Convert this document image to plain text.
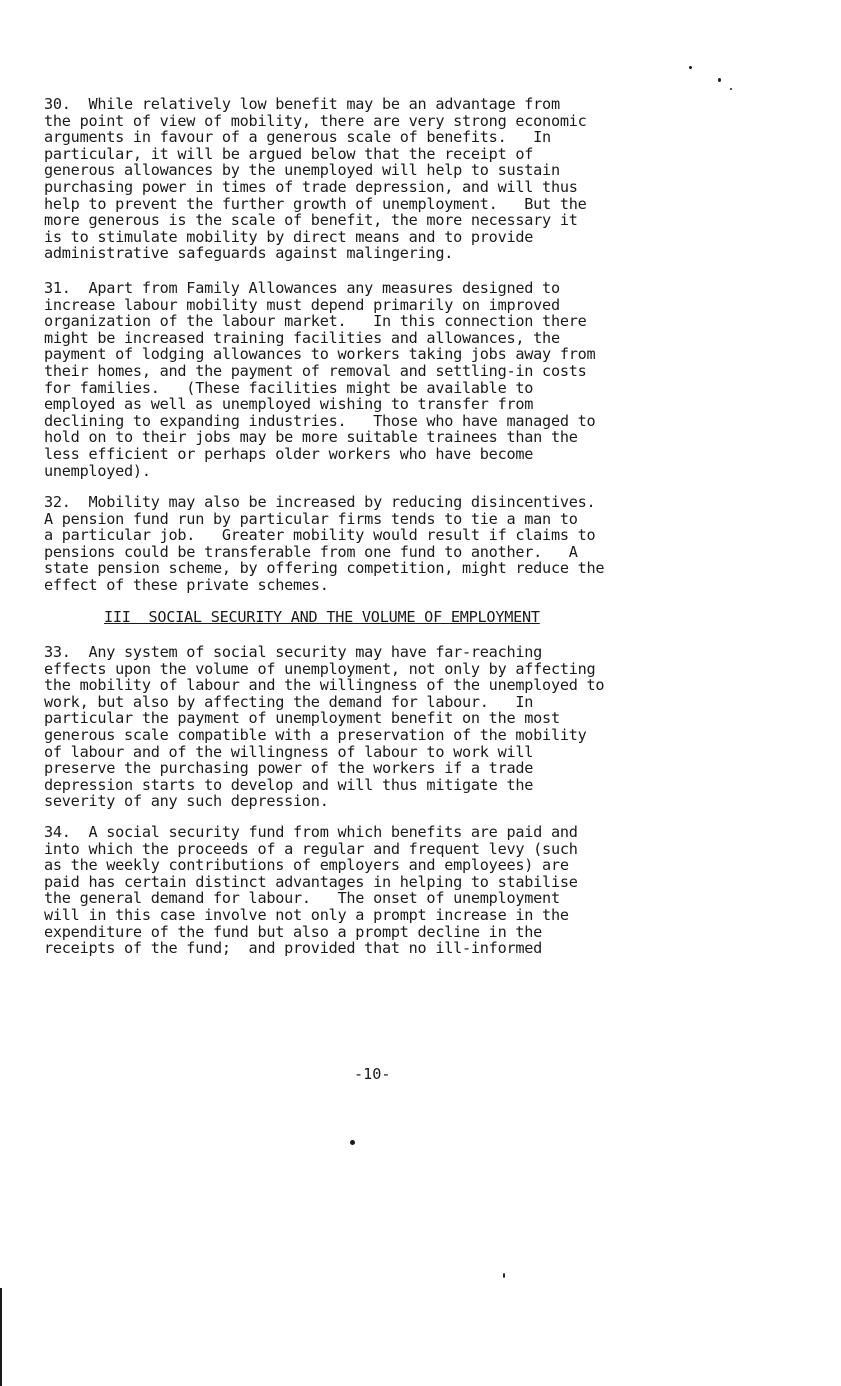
30.  While relatively low benefit may be an advantage from
the point of view of mobility, there are very strong economic
arguments in favour of a generous scale of benefits.   In
particular, it will be argued below that the receipt of
generous allowances by the unemployed will help to sustain
purchasing power in times of trade depression, and will thus
help to prevent the further growth of unemployment.   But the
more generous is the scale of benefit, the more necessary it
is to stimulate mobility by direct means and to provide
administrative safeguards against malingering.

31.  Apart from Family Allowances any measures designed to
increase labour mobility must depend primarily on improved
organization of the labour market.   In this connection there
might be increased training facilities and allowances, the
payment of lodging allowances to workers taking jobs away from
their homes, and the payment of removal and settling-in costs
for families.   (These facilities might be available to
employed as well as unemployed wishing to transfer from
declining to expanding industries.   Those who have managed to
hold on to their jobs may be more suitable trainees than the
less efficient or perhaps older workers who have become
unemployed).

32.  Mobility may also be increased by reducing disincentives.
A pension fund run by particular firms tends to tie a man to
a particular job.   Greater mobility would result if claims to
pensions could be transferable from one fund to another.   A
state pension scheme, by offering competition, might reduce the
effect of these private schemes.

III  SOCIAL SECURITY AND THE VOLUME OF EMPLOYMENT

33.  Any system of social security may have far-reaching
effects upon the volume of unemployment, not only by affecting
the mobility of labour and the willingness of the unemployed to
work, but also by affecting the demand for labour.   In
particular the payment of unemployment benefit on the most
generous scale compatible with a preservation of the mobility
of labour and of the willingness of labour to work will
preserve the purchasing power of the workers if a trade
depression starts to develop and will thus mitigate the
severity of any such depression.

34.  A social security fund from which benefits are paid and
into which the proceeds of a regular and frequent levy (such
as the weekly contributions of employers and employees) are
paid has certain distinct advantages in helping to stabilise
the general demand for labour.   The onset of unemployment
will in this case involve not only a prompt increase in the
expenditure of the fund but also a prompt decline in the
receipts of the fund;  and provided that no ill-informed

-10-
